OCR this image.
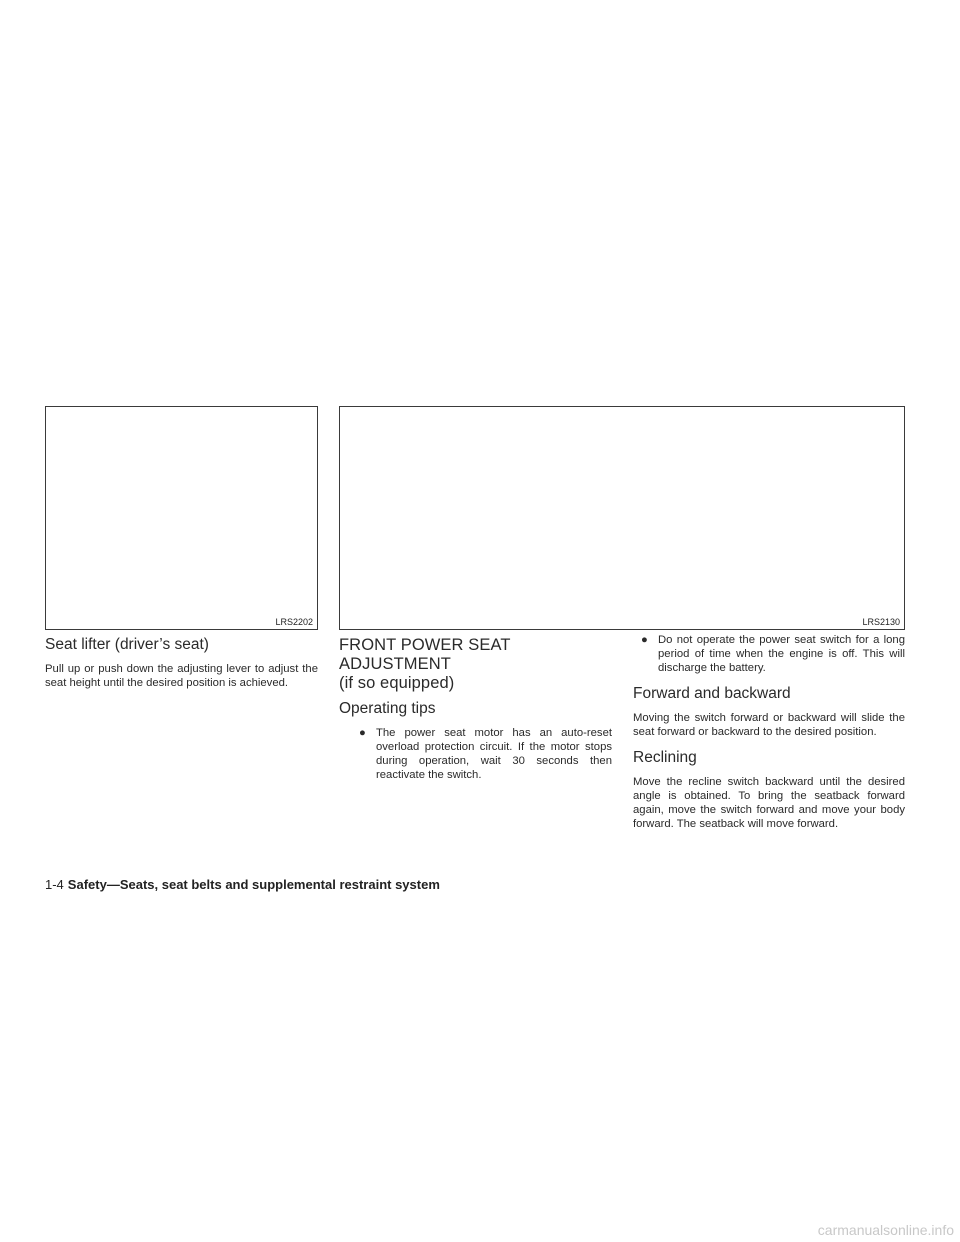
LRS2202	LRS2130
Seat lifter (driver’s seat)

Pull up or push down the adjusting lever to adjust the seat height until the desired position is achieved.

FRONT POWER SEAT ADJUSTMENT
(if so equipped)
Operating tips
● The power seat motor has an auto-reset overload protection circuit. If the motor stops during operation, wait 30 seconds then reactivate the switch.
● Do not operate the power seat switch for a long period of time when the engine is off. This will discharge the battery.
Forward and backward

Moving the switch forward or backward will slide the seat forward or backward to the desired position.

Reclining

Move the recline switch backward until the desired angle is obtained. To bring the seatback forward again, move the switch forward and move your body forward. The seatback will move forward.

1-4 Safety—Seats, seat belts and supplemental restraint system
carmanualsonline.info
